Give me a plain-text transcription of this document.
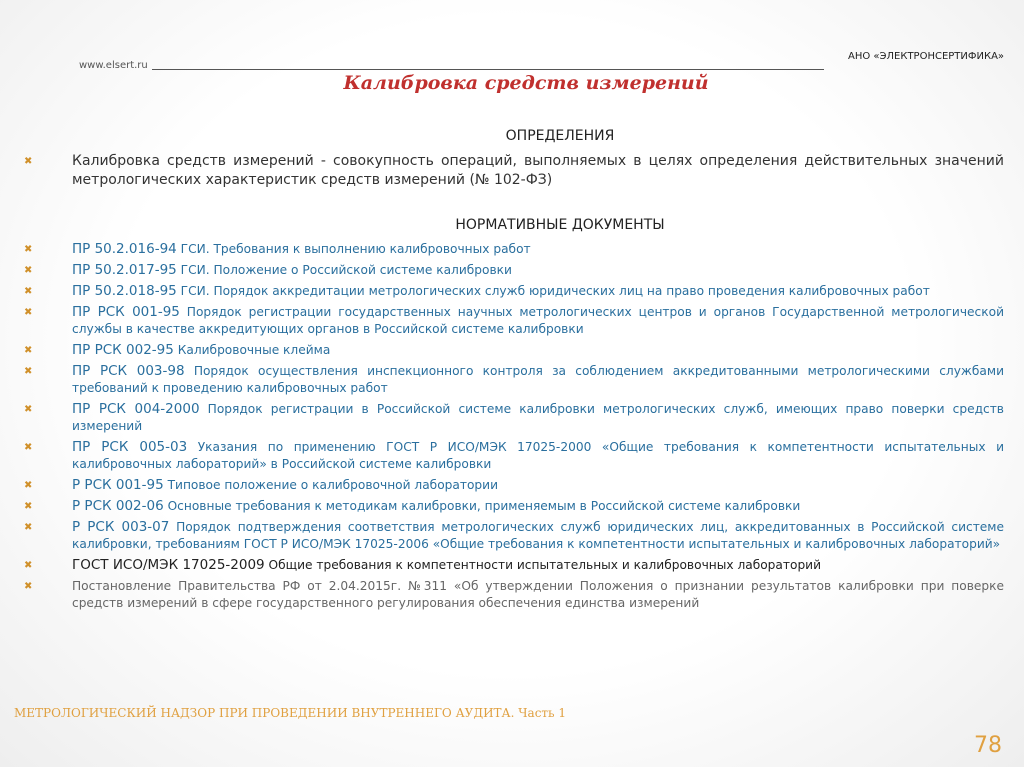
www.elsert.ru
АНО «ЭЛЕКТРОНСЕРТИФИКА»
Калибровка средств измерений
ОПРЕДЕЛЕНИЯ
✖	Калибровка средств измерений - совокупность операций, выполняемых в целях определения действительных значений метрологических характеристик средств измерений (№ 102-ФЗ)
НОРМАТИВНЫЕ ДОКУМЕНТЫ
✖	ПР 50.2.016-94 ГСИ. Требования к выполнению калибровочных работ
✖	ПР 50.2.017-95 ГСИ. Положение о Российской системе калибровки
✖	ПР 50.2.018-95 ГСИ. Порядок аккредитации метрологических служб юридических лиц на право проведения калибровочных работ
✖	ПР РСК 001-95 Порядок регистрации государственных научных метрологических центров и органов Государственной метрологической службы в качестве аккредитующих органов в Российской системе калибровки
✖	ПР РСК 002-95 Калибровочные клейма
✖	ПР РСК 003-98 Порядок осуществления инспекционного контроля за соблюдением аккредитованными метрологическими службами требований к проведению калибровочных работ
✖	ПР РСК 004-2000 Порядок регистрации в Российской системе калибровки метрологических служб, имеющих право поверки средств измерений
✖	ПР РСК 005-03 Указания по применению ГОСТ Р ИСО/МЭК 17025-2000 «Общие требования к компетентности испытательных и калибровочных лабораторий» в Российской системе калибровки
✖	Р РСК 001-95 Типовое положение о калибровочной лаборатории
✖	Р РСК 002-06 Основные требования к методикам калибровки, применяемым в Российской системе калибровки
✖	Р РСК 003-07 Порядок подтверждения соответствия метрологических служб юридических лиц, аккредитованных в Российской системе калибровки, требованиям ГОСТ Р ИСО/МЭК 17025-2006 «Общие требования к компетентности испытательных и калибровочных лабораторий»
✖	ГОСТ ИСО/МЭК 17025-2009 Общие требования к компетентности испытательных и калибровочных лабораторий
✖	Постановление Правительства РФ от 2.04.2015г. №311 «Об утверждении Положения о признании результатов калибровки при поверке средств измерений в сфере государственного регулирования обеспечения единства измерений
МЕТРОЛОГИЧЕСКИЙ НАДЗОР ПРИ ПРОВЕДЕНИИ ВНУТРЕННЕГО АУДИТА. Часть 1
78
